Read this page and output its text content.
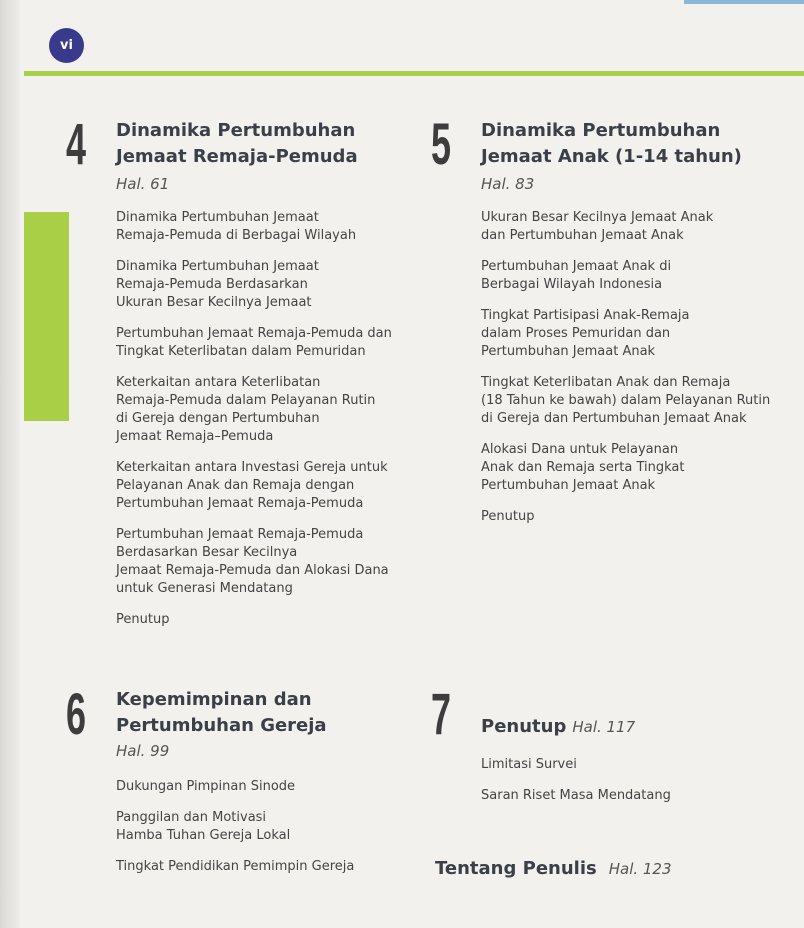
vi
4 Dinamika Pertumbuhan
Jemaat Remaja-Pemuda

Hal. 61

Dinamika Pertumbuhan Jemaat
Remaja-Pemuda di Berbagai Wilayah
Dinamika Pertumbuhan Jemaat
Remaja-Pemuda Berdasarkan
Ukuran Besar Kecilnya Jemaat
Pertumbuhan Jemaat Remaja-Pemuda dan
Tingkat Keterlibatan dalam Pemuridan
Keterkaitan antara Keterlibatan
Remaja-Pemuda dalam Pelayanan Rutin
di Gereja dengan Pertumbuhan
Jemaat Remaja–Pemuda
Keterkaitan antara Investasi Gereja untuk
Pelayanan Anak dan Remaja dengan
Pertumbuhan Jemaat Remaja-Pemuda
Pertumbuhan Jemaat Remaja-Pemuda
Berdasarkan Besar Kecilnya
Jemaat Remaja-Pemuda dan Alokasi Dana
untuk Generasi Mendatang
Penutup
5 Dinamika Pertumbuhan
Jemaat Anak (1-14 tahun)

Hal. 83

Ukuran Besar Kecilnya Jemaat Anak
dan Pertumbuhan Jemaat Anak
Pertumbuhan Jemaat Anak di
Berbagai Wilayah Indonesia
Tingkat Partisipasi Anak-Remaja
dalam Proses Pemuridan dan
Pertumbuhan Jemaat Anak
Tingkat Keterlibatan Anak dan Remaja
(18 Tahun ke bawah) dalam Pelayanan Rutin
di Gereja dan Pertumbuhan Jemaat Anak
Alokasi Dana untuk Pelayanan
Anak dan Remaja serta Tingkat
Pertumbuhan Jemaat Anak
Penutup
6 Kepemimpinan dan
Pertumbuhan Gereja

Hal. 99

Dukungan Pimpinan Sinode
Panggilan dan Motivasi
Hamba Tuhan Gereja Lokal
Tingkat Pendidikan Pemimpin Gereja
7 Penutup Hal. 117
Limitasi Survei
Saran Riset Masa Mendatang
Tentang Penulis Hal. 123
